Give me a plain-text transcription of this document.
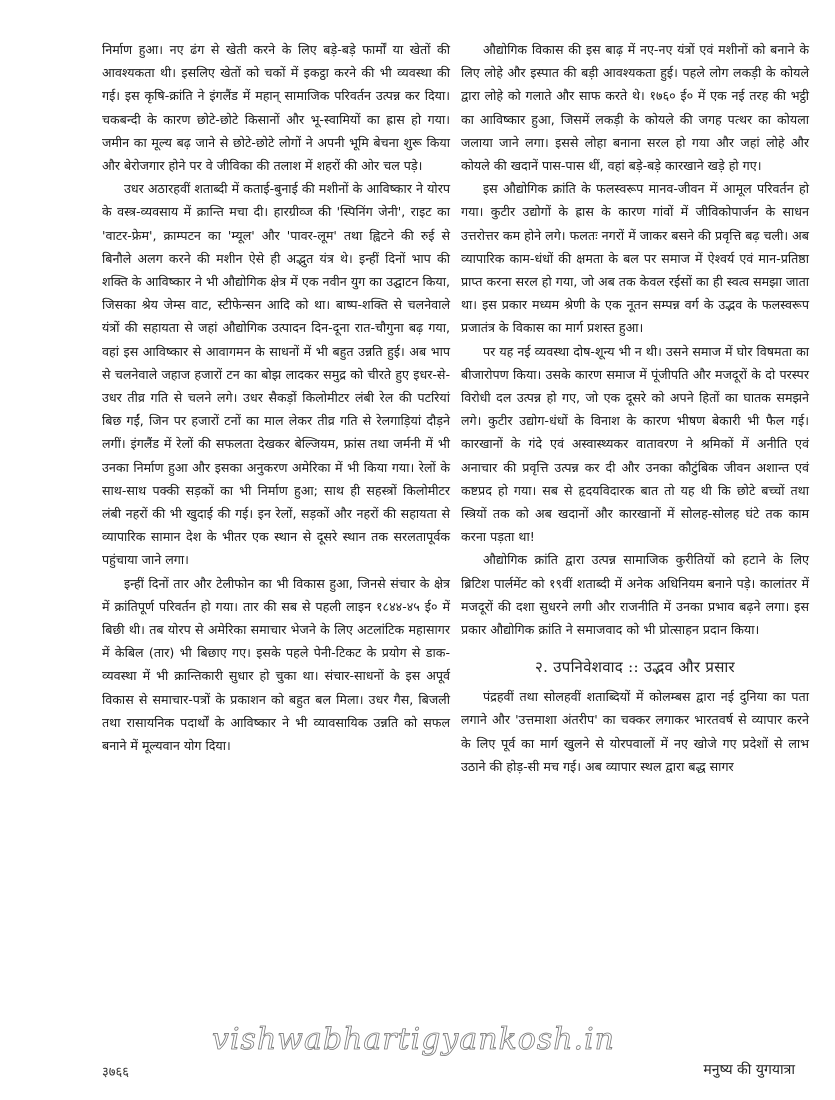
निर्माण हुआ। नए ढंग से खेती करने के लिए बड़े-बड़े फार्मों या खेतों की आवश्यकता थी। इसलिए खेतों को चकों में इकट्ठा करने की भी व्यवस्था की गई। इस कृषि-क्रांति ने इंगलैंड में महान् सामाजिक परिवर्तन उत्पन्न कर दिया। चकबन्दी के कारण छोटे-छोटे किसानों और भू-स्वामियों का ह्रास हो गया। जमीन का मूल्य बढ़ जाने से छोटे-छोटे लोगों ने अपनी भूमि बेचना शुरू किया और बेरोजगार होने पर वे जीविका की तलाश में शहरों की ओर चल पड़े।

उधर अठारहवीं शताब्दी में कताई-बुनाई की मशीनों के आविष्कार ने योरप के वस्त्र-व्यवसाय में क्रान्ति मचा दी। हारग्रीव्ज की 'स्पिनिंग जेनी', राइट का 'वाटर-फ्रेम', क्राम्पटन का 'म्यूल' और 'पावर-लूम' तथा ह्विटने की रुई से बिनौले अलग करने की मशीन ऐसे ही अद्भुत यंत्र थे। इन्हीं दिनों भाप की शक्ति के आविष्कार ने भी औद्योगिक क्षेत्र में एक नवीन युग का उद्घाटन किया, जिसका श्रेय जेम्स वाट, स्टीफेन्सन आदि को था। बाष्प-शक्ति से चलनेवाले यंत्रों की सहायता से जहां औद्योगिक उत्पादन दिन-दूना रात-चौगुना बढ़ गया, वहां इस आविष्कार से आवागमन के साधनों में भी बहुत उन्नति हुई। अब भाप से चलनेवाले जहाज हजारों टन का बोझ लादकर समुद्र को चीरते हुए इधर-से-उधर तीव्र गति से चलने लगे। उधर सैकड़ों किलोमीटर लंबी रेल की पटरियां बिछ गईं, जिन पर हजारों टनों का माल लेकर तीव्र गति से रेलगाड़ियां दौड़ने लगीं। इंगलैंड में रेलों की सफलता देखकर बेल्जियम, फ्रांस तथा जर्मनी में भी उनका निर्माण हुआ और इसका अनुकरण अमेरिका में भी किया गया। रेलों के साथ-साथ पक्की सड़कों का भी निर्माण हुआ; साथ ही सहस्त्रों किलोमीटर लंबी नहरों की भी खुदाई की गई। इन रेलों, सड़कों और नहरों की सहायता से व्यापारिक सामान देश के भीतर एक स्थान से दूसरे स्थान तक सरलतापूर्वक पहुंचाया जाने लगा।

इन्हीं दिनों तार और टेलीफोन का भी विकास हुआ, जिनसे संचार के क्षेत्र में क्रांतिपूर्ण परिवर्तन हो गया। तार की सब से पहली लाइन १८४४-४५ ई० में बिछी थी। तब योरप से अमेरिका समाचार भेजने के लिए अटलांटिक महासागर में केबिल (तार) भी बिछाए गए। इसके पहले पेनी-टिकट के प्रयोग से डाक-व्यवस्था में भी क्रान्तिकारी सुधार हो चुका था। संचार-साधनों के इस अपूर्व विकास से समाचार-पत्रों के प्रकाशन को बहुत बल मिला। उधर गैस, बिजली तथा रासायनिक पदार्थों के आविष्कार ने भी व्यावसायिक उन्नति को सफल बनाने में मूल्यवान योग दिया।

औद्योगिक विकास की इस बाढ़ में नए-नए यंत्रों एवं मशीनों को बनाने के लिए लोहे और इस्पात की बड़ी आवश्यकता हुई। पहले लोग लकड़ी के कोयले द्वारा लोहे को गलाते और साफ करते थे। १७६० ई० में एक नई तरह की भट्ठी का आविष्कार हुआ, जिसमें लकड़ी के कोयले की जगह पत्थर का कोयला जलाया जाने लगा। इससे लोहा बनाना सरल हो गया और जहां लोहे और कोयले की खदानें पास-पास थीं, वहां बड़े-बड़े कारखाने खड़े हो गए।

इस औद्योगिक क्रांति के फलस्वरूप मानव-जीवन में आमूल परिवर्तन हो गया। कुटीर उद्योगों के ह्रास के कारण गांवों में जीविकोपार्जन के साधन उत्तरोत्तर कम होने लगे। फलतः नगरों में जाकर बसने की प्रवृत्ति बढ़ चली। अब व्यापारिक काम-धंधों की क्षमता के बल पर समाज में ऐश्वर्य एवं मान-प्रतिष्ठा प्राप्त करना सरल हो गया, जो अब तक केवल रईसों का ही स्वत्व समझा जाता था। इस प्रकार मध्यम श्रेणी के एक नूतन सम्पन्न वर्ग के उद्भव के फलस्वरूप प्रजातंत्र के विकास का मार्ग प्रशस्त हुआ।

पर यह नई व्यवस्था दोष-शून्य भी न थी। उसने समाज में घोर विषमता का बीजारोपण किया। उसके कारण समाज में पूंजीपति और मजदूरों के दो परस्पर विरोधी दल उत्पन्न हो गए, जो एक दूसरे को अपने हितों का घातक समझने लगे। कुटीर उद्योग-धंधों के विनाश के कारण भीषण बेकारी भी फैल गई। कारखानों के गंदे एवं अस्वास्थ्यकर वातावरण ने श्रमिकों में अनीति एवं अनाचार की प्रवृत्ति उत्पन्न कर दी और उनका कौटुंबिक जीवन अशान्त एवं कष्टप्रद हो गया। सब से हृदयविदारक बात तो यह थी कि छोटे बच्चों तथा स्त्रियों तक को अब खदानों और कारखानों में सोलह-सोलह घंटे तक काम करना पड़ता था!

औद्योगिक क्रांति द्वारा उत्पन्न सामाजिक कुरीतियों को हटाने के लिए ब्रिटिश पार्लमेंट को १९वीं शताब्दी में अनेक अधिनियम बनाने पड़े। कालांतर में मजदूरों की दशा सुधरने लगी और राजनीति में उनका प्रभाव बढ़ने लगा। इस प्रकार औद्योगिक क्रांति ने समाजवाद को भी प्रोत्साहन प्रदान किया।

२. उपनिवेशवाद :: उद्भव और प्रसार

पंद्रहवीं तथा सोलहवीं शताब्दियों में कोलम्बस द्वारा नई दुनिया का पता लगाने और 'उत्तमाशा अंतरीप' का चक्कर लगाकर भारतवर्ष से व्यापार करने के लिए पूर्व का मार्ग खुलने से योरपवालों में नए खोजे गए प्रदेशों से लाभ उठाने की होड़-सी मच गई। अब व्यापार स्थल द्वारा बद्ध सागर

vishwabhartigyankosh.in
३७६६	मनुष्य की युगयात्रा
